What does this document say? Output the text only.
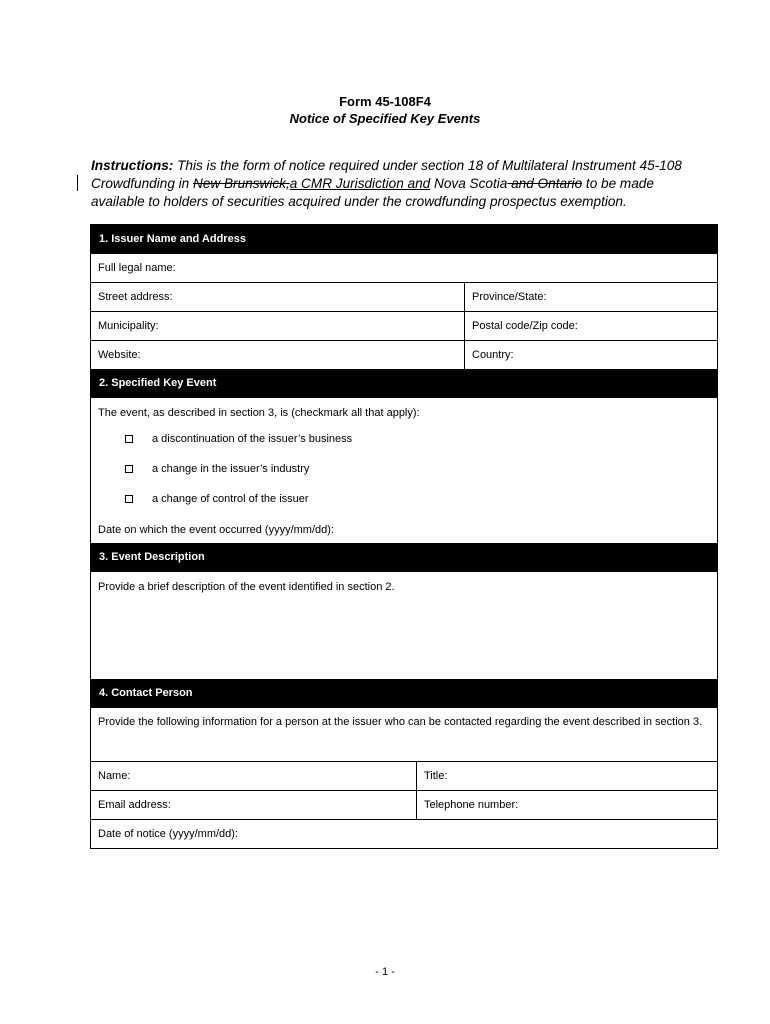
Form 45-108F4
Notice of Specified Key Events
Instructions: This is the form of notice required under section 18 of Multilateral Instrument 45-108 Crowdfunding in New Brunswick,a CMR Jurisdiction and Nova Scotia and Ontario to be made available to holders of securities acquired under the crowdfunding prospectus exemption.
1. Issuer Name and Address
Full legal name:
Street address:	Province/State:
Municipality:	Postal code/Zip code:
Website:	Country:
2. Specified Key Event
The event, as described in section 3, is (checkmark all that apply):
a discontinuation of the issuer’s business
a change in the issuer’s industry
a change of control of the issuer
Date on which the event occurred (yyyy/mm/dd):
3. Event Description
Provide a brief description of the event identified in section 2.
4. Contact Person
Provide the following information for a person at the issuer who can be contacted regarding the event described in section 3.
Name:	Title:
Email address:	Telephone number:
Date of notice (yyyy/mm/dd):
- 1 -
